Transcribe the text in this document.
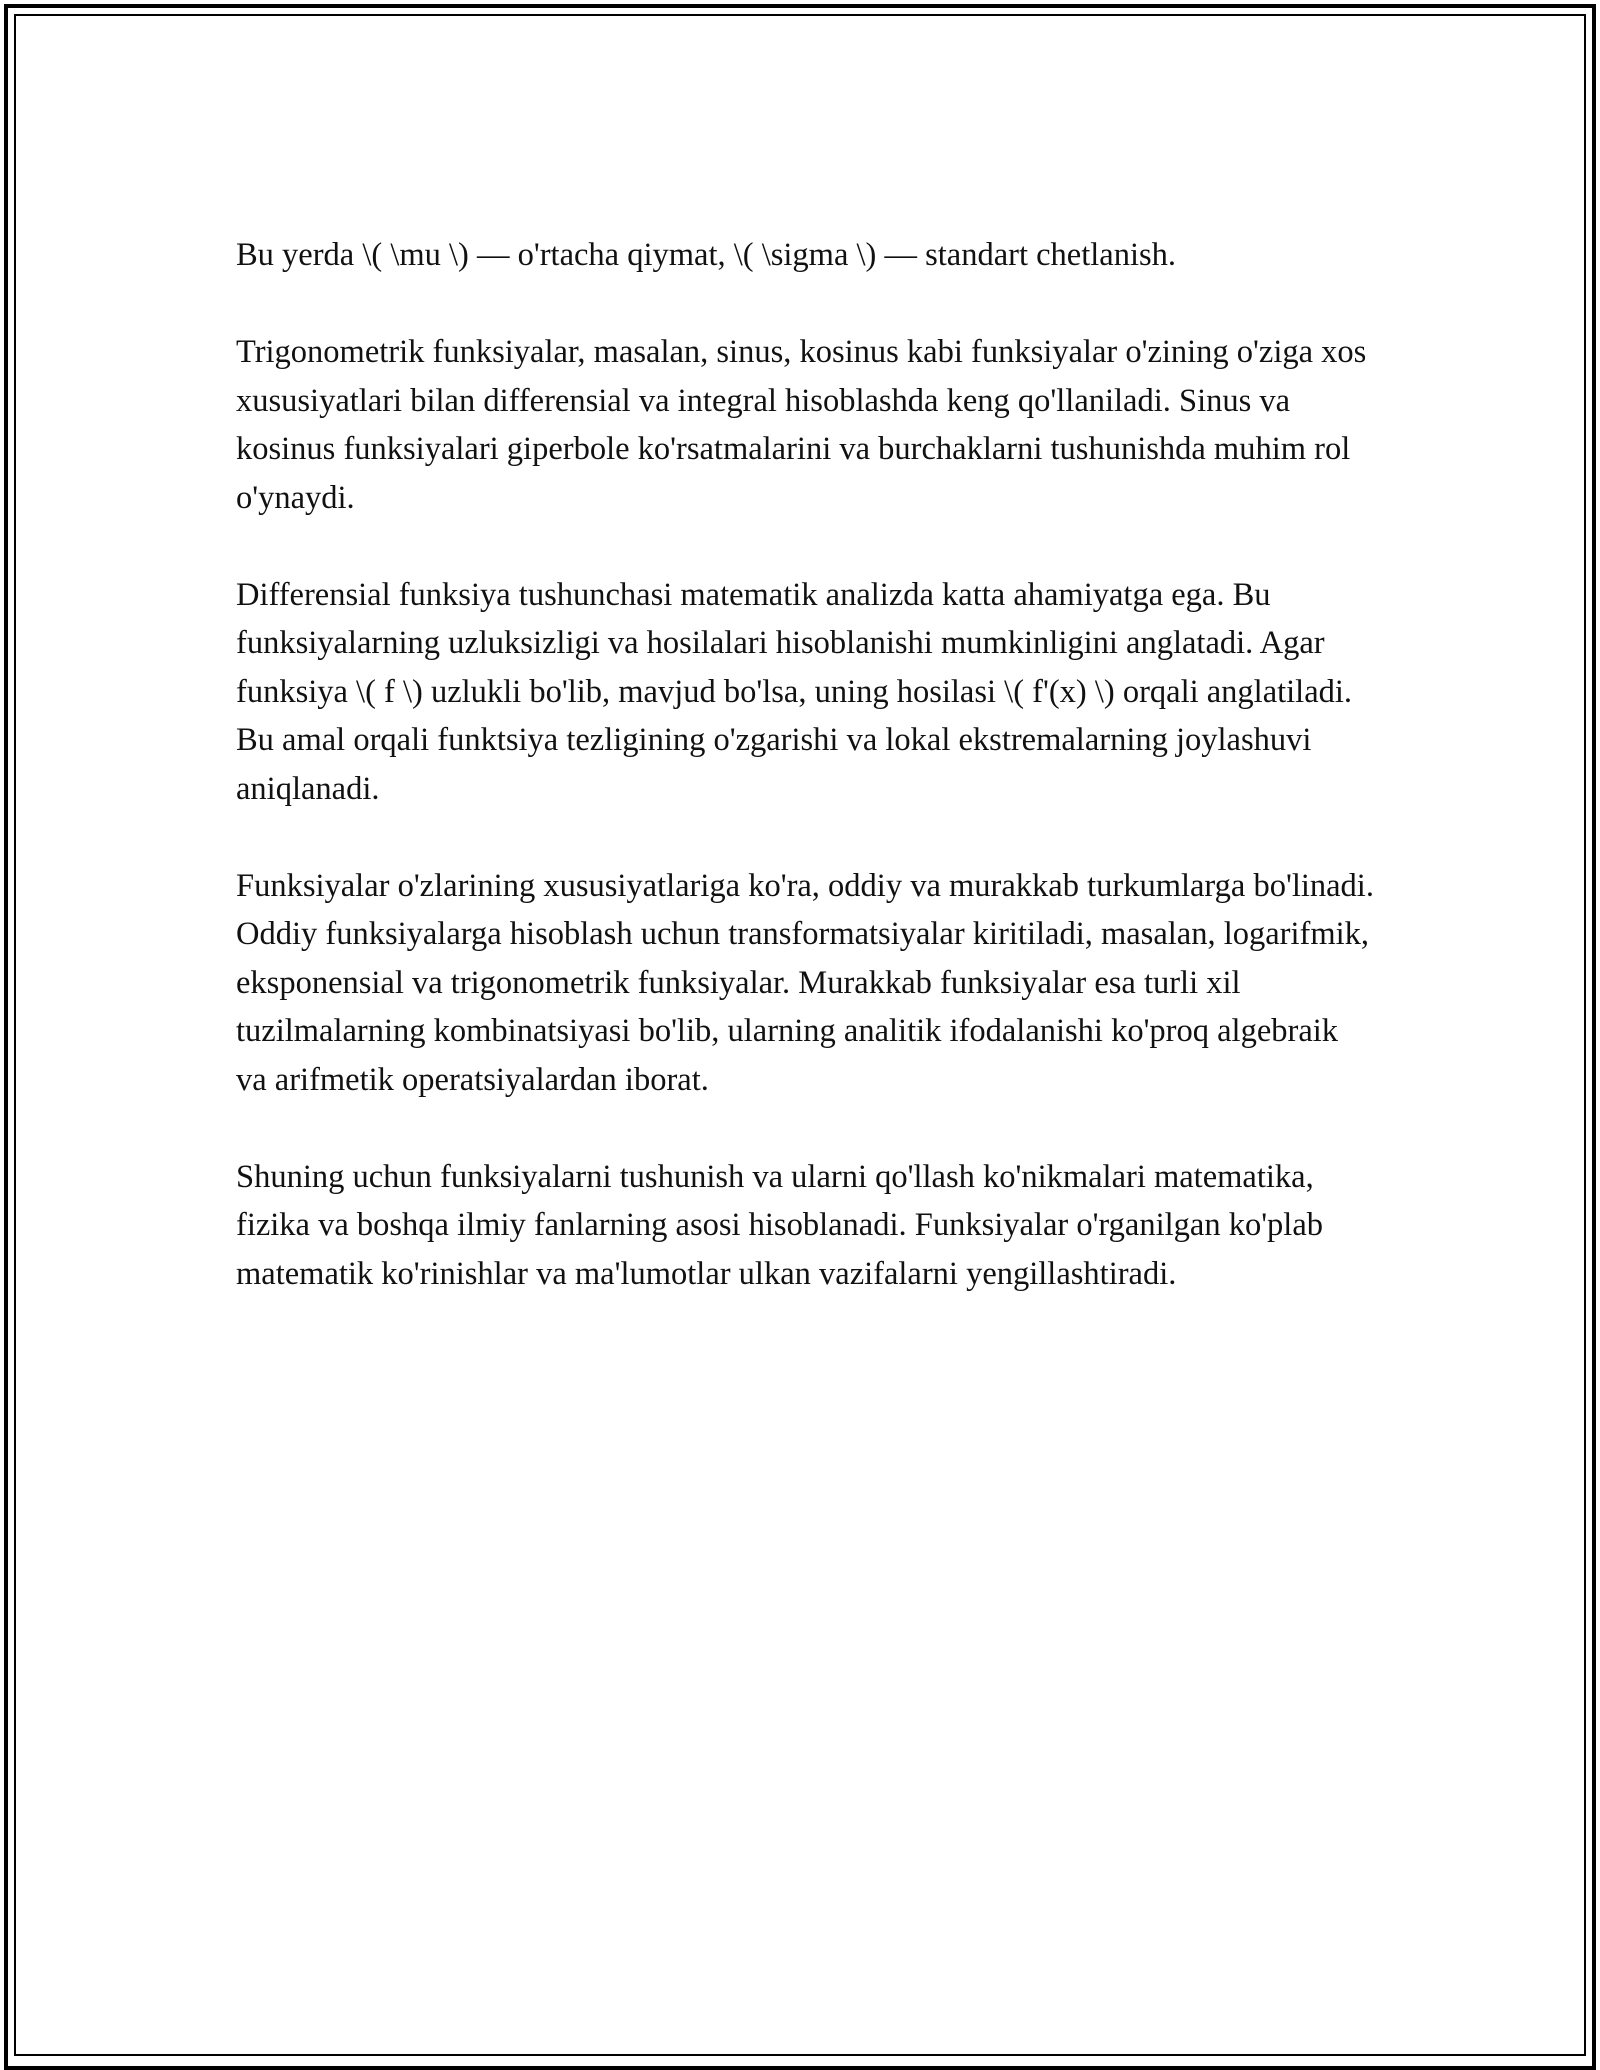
Bu yerda \( \mu \) — o'rtacha qiymat, \( \sigma \) — standart chetlanish.

Trigonometrik funksiyalar, masalan, sinus, kosinus kabi funksiyalar o'zining o'ziga xos xususiyatlari bilan differensial va integral hisoblashda keng qo'llaniladi. Sinus va kosinus funksiyalari giperbole ko'rsatmalarini va burchaklarni tushunishda muhim rol o'ynaydi.

Differensial funksiya tushunchasi matematik analizda katta ahamiyatga ega. Bu funksiyalarning uzluksizligi va hosilalari hisoblanishi mumkinligini anglatadi. Agar funksiya \( f \) uzlukli bo'lib, mavjud bo'lsa, uning hosilasi \( f'(x) \) orqali anglatiladi. Bu amal orqali funktsiya tezligining o'zgarishi va lokal ekstremalarning joylashuvi aniqlanadi.

Funksiyalar o'zlarining xususiyatlariga ko'ra, oddiy va murakkab turkumlarga bo'linadi. Oddiy funksiyalarga hisoblash uchun transformatsiyalar kiritiladi, masalan, logarifmik, eksponensial va trigonometrik funksiyalar. Murakkab funksiyalar esa turli xil tuzilmalarning kombinatsiyasi bo'lib, ularning analitik ifodalanishi ko'proq algebraik va arifmetik operatsiyalardan iborat.

Shuning uchun funksiyalarni tushunish va ularni qo'llash ko'nikmalari matematika, fizika va boshqa ilmiy fanlarning asosi hisoblanadi. Funksiyalar o'rganilgan ko'plab matematik ko'rinishlar va ma'lumotlar ulkan vazifalarni yengillashtiradi.
